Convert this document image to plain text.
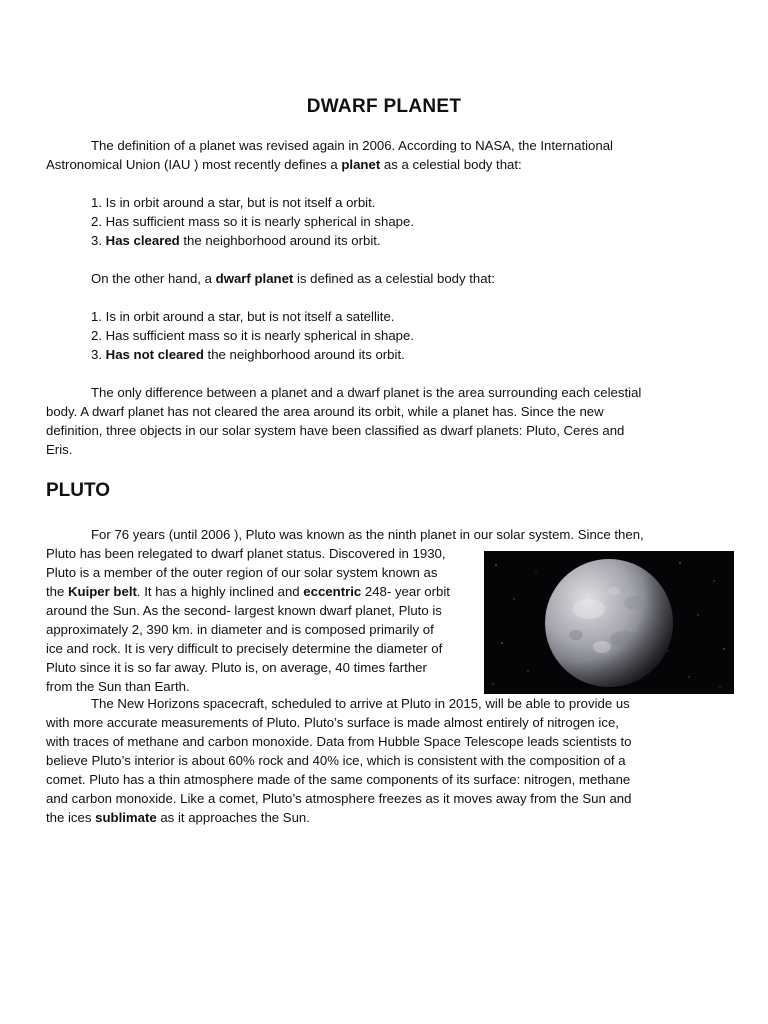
DWARF PLANET
The definition of a planet was revised again in 2006. According to NASA, the International
Astronomical Union (IAU ) most recently defines a planet as a celestial body that:
1. Is in orbit around a star, but is not itself a orbit.
2. Has sufficient mass so it is nearly spherical in shape.
3. Has cleared the neighborhood around its orbit.
On the other hand, a dwarf planet is defined as a celestial body that:
1. Is in orbit around a star, but is not itself a satellite.
2. Has sufficient mass so it is nearly spherical in shape.
3. Has not cleared the neighborhood around its orbit.
The only difference between a planet and a dwarf planet is the area surrounding each celestial
body. A dwarf planet has not cleared the area around its orbit, while a planet has. Since the new
definition, three objects in our solar system have been classified as dwarf planets: Pluto, Ceres and
Eris.
PLUTO
For 76 years (until 2006 ), Pluto was known as the ninth planet in our solar system. Since then,
Pluto has been relegated to dwarf planet status. Discovered in 1930,
Pluto is a member of the outer region of our solar system known as
the Kuiper belt. It has a highly inclined and eccentric 248- year orbit
around the Sun. As the second- largest known dwarf planet, Pluto is
approximately 2, 390 km. in diameter and is composed primarily of
ice and rock. It is very difficult to precisely determine the diameter of
Pluto since it is so far away. Pluto is, on average, 40 times farther
from the Sun than Earth.
The New Horizons spacecraft, scheduled to arrive at Pluto in 2015, will be able to provide us
with more accurate measurements of Pluto. Pluto’s surface is made almost entirely of nitrogen ice,
with traces of methane and carbon monoxide. Data from Hubble Space Telescope leads scientists to
believe Pluto’s interior is about 60% rock and 40% ice, which is consistent with the composition of a
comet. Pluto has a thin atmosphere made of the same components of its surface: nitrogen, methane
and carbon monoxide. Like a comet, Pluto’s atmosphere freezes as it moves away from the Sun and
the ices sublimate as it approaches the Sun.
